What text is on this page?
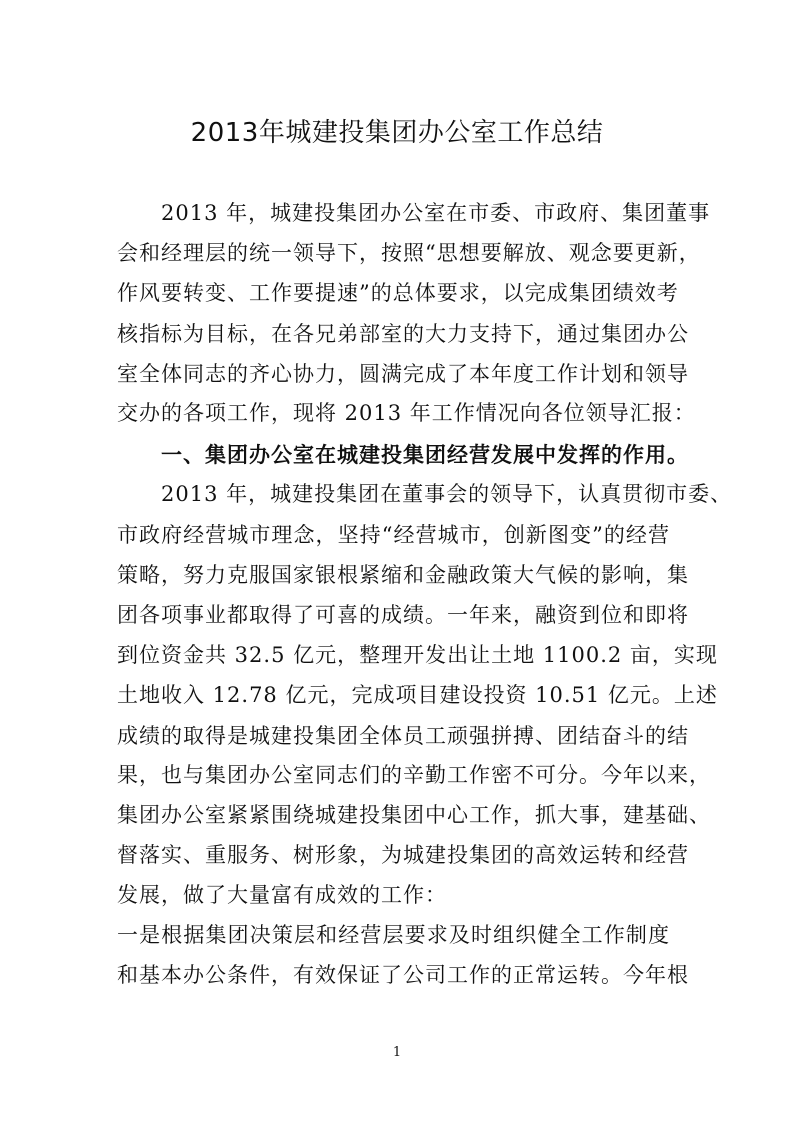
2013年城建投集团办公室工作总结
2013 年，城建投集团办公室在市委、市政府、集团董事
会和经理层的统一领导下，按照“思想要解放、观念要更新，
作风要转变、工作要提速”的总体要求，以完成集团绩效考
核指标为目标，在各兄弟部室的大力支持下，通过集团办公
室全体同志的齐心协力，圆满完成了本年度工作计划和领导
交办的各项工作，现将 2013 年工作情况向各位领导汇报：
一、集团办公室在城建投集团经营发展中发挥的作用。
2013 年，城建投集团在董事会的领导下，认真贯彻市委、
市政府经营城市理念，坚持“经营城市，创新图变”的经营
策略，努力克服国家银根紧缩和金融政策大气候的影响，集
团各项事业都取得了可喜的成绩。一年来，融资到位和即将
到位资金共 32.5 亿元，整理开发出让土地 1100.2 亩，实现
土地收入 12.78 亿元，完成项目建设投资 10.51 亿元。上述
成绩的取得是城建投集团全体员工顽强拼搏、团结奋斗的结
果，也与集团办公室同志们的辛勤工作密不可分。今年以来，
集团办公室紧紧围绕城建投集团中心工作，抓大事，建基础、
督落实、重服务、树形象，为城建投集团的高效运转和经营
发展，做了大量富有成效的工作：
一是根据集团决策层和经营层要求及时组织健全工作制度
和基本办公条件，有效保证了公司工作的正常运转。今年根
1
